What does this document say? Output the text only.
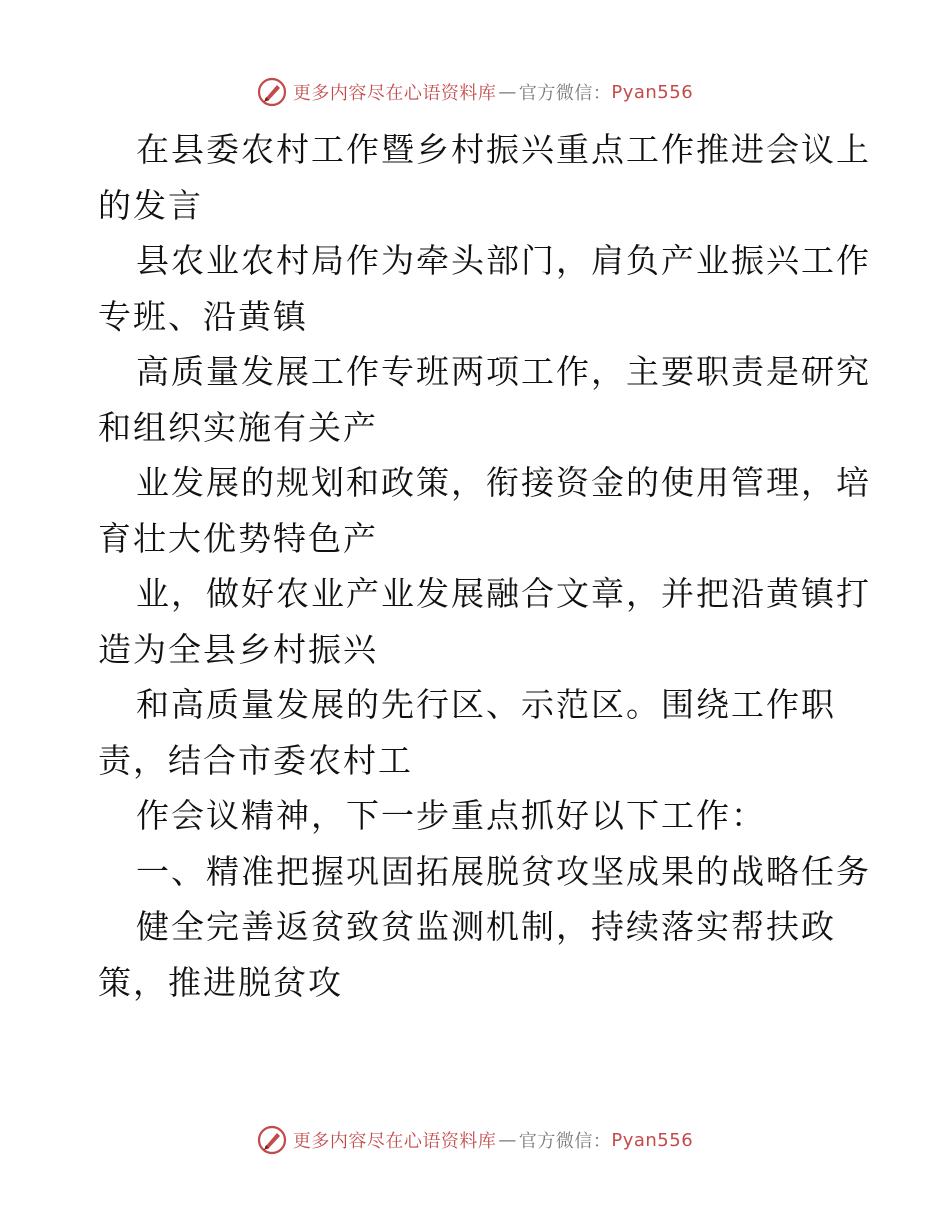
更多内容尽在心语资料库 — 官方微信： Pyan556
在县委农村工作暨乡村振兴重点工作推进会议上
的发言
县农业农村局作为牵头部门，肩负产业振兴工作
专班、沿黄镇
高质量发展工作专班两项工作，主要职责是研究
和组织实施有关产
业发展的规划和政策，衔接资金的使用管理，培
育壮大优势特色产
业，做好农业产业发展融合文章，并把沿黄镇打
造为全县乡村振兴
和高质量发展的先行区、示范区。围绕工作职
责，结合市委农村工
作会议精神，下一步重点抓好以下工作：
一、精准把握巩固拓展脱贫攻坚成果的战略任务
健全完善返贫致贫监测机制，持续落实帮扶政
策，推进脱贫攻
更多内容尽在心语资料库 — 官方微信： Pyan556
